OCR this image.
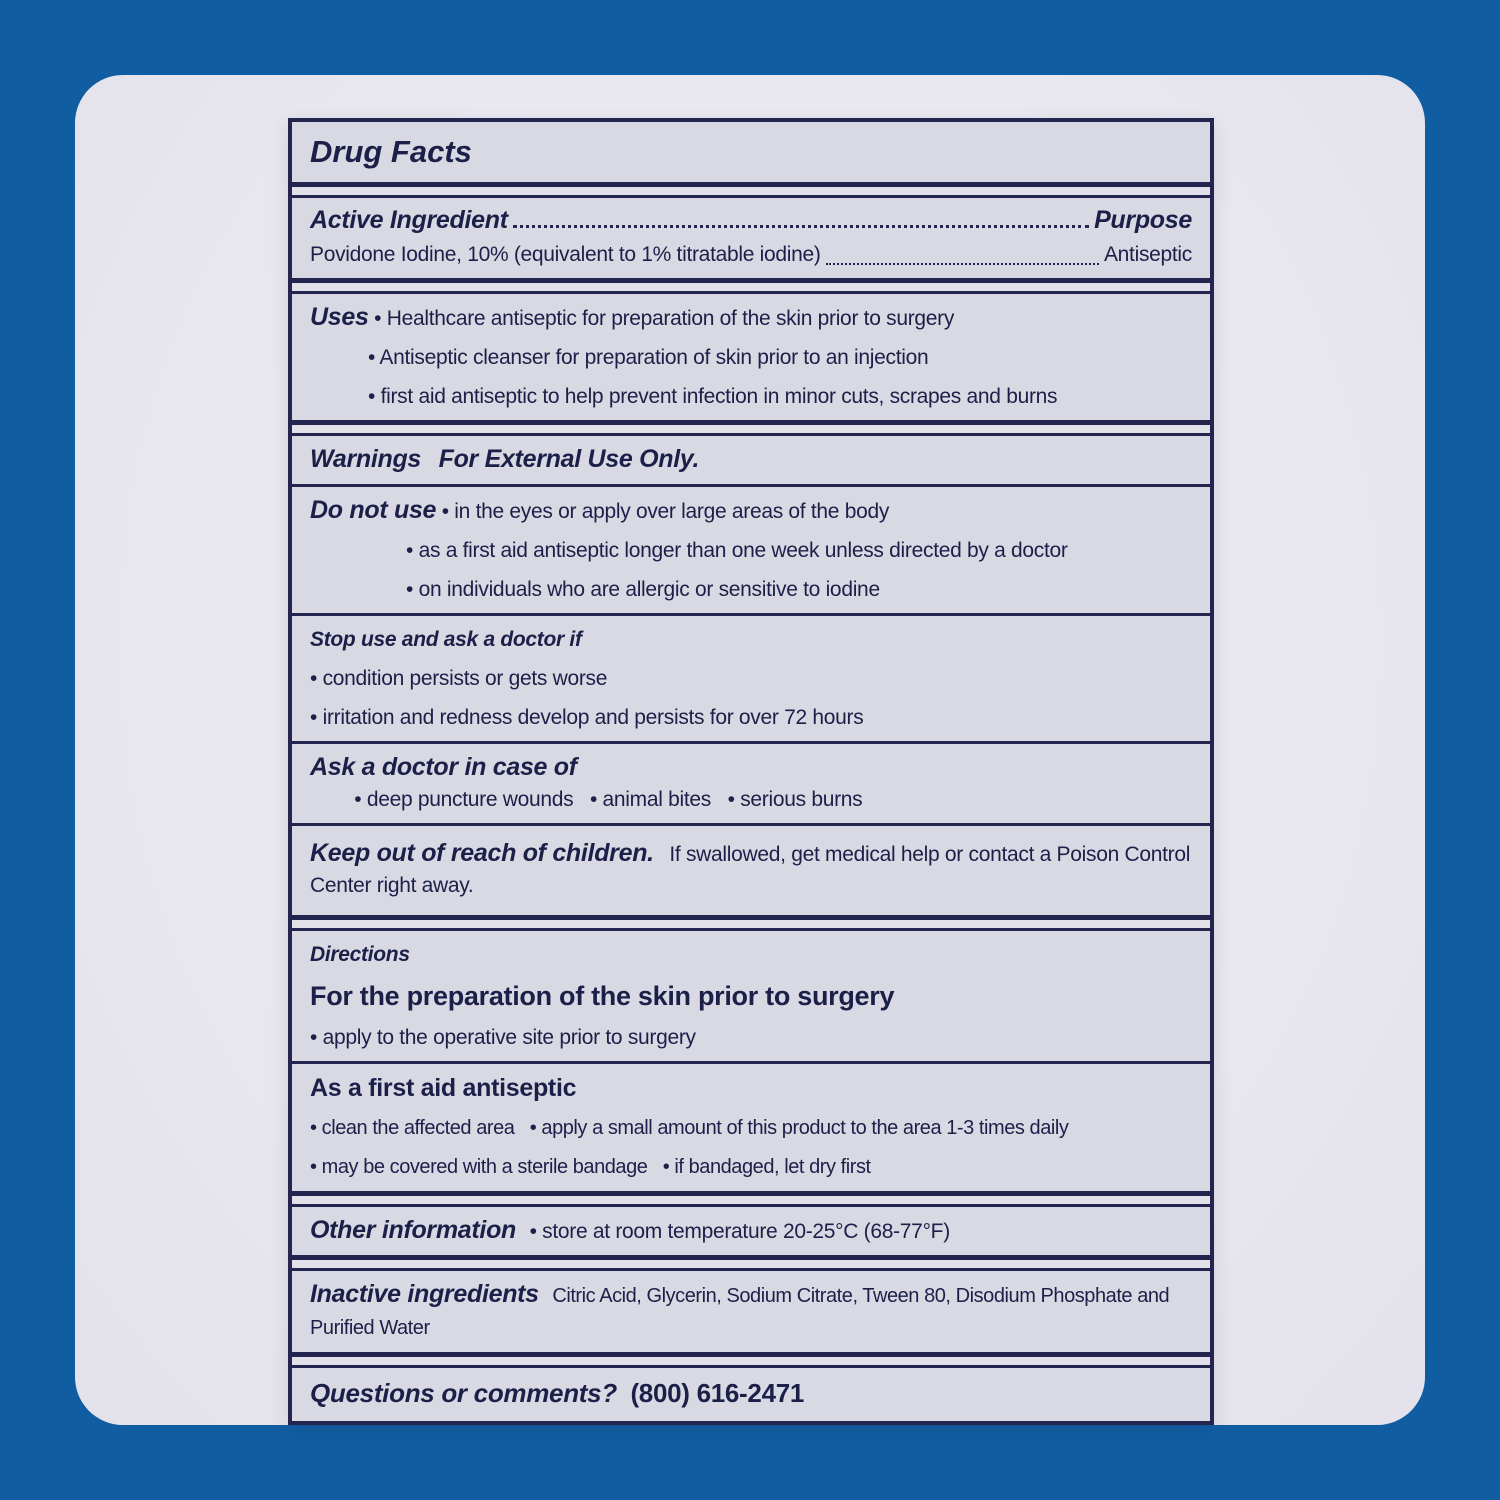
Drug Facts
Active Ingredient	Purpose
Povidone Iodine, 10% (equivalent to 1% titratable iodine)	Antiseptic

Uses • Healthcare antiseptic for preparation of the skin prior to surgery

• Antiseptic cleanser for preparation of skin prior to an injection

• first aid antiseptic to help prevent infection in minor cuts, scrapes and burns

Warnings For External Use Only.

Do not use • in the eyes or apply over large areas of the body

• as a first aid antiseptic longer than one week unless directed by a doctor

• on individuals who are allergic or sensitive to iodine

Stop use and ask a doctor if

• condition persists or gets worse

• irritation and redness develop and persists for over 72 hours

Ask a doctor in case of
• deep puncture wounds   • animal bites   • serious burns

Keep out of reach of children. If swallowed, get medical help or contact a Poison Control Center right away.

Directions

For the preparation of the skin prior to surgery

• apply to the operative site prior to surgery

As a first aid antiseptic

• clean the affected area   • apply a small amount of this product to the area 1-3 times daily

• may be covered with a sterile bandage   • if bandaged, let dry first

Other information • store at room temperature 20-25°C (68-77°F)

Inactive ingredients Citric Acid, Glycerin, Sodium Citrate, Tween 80, Disodium Phosphate and Purified Water

Questions or comments? (800) 616-2471
